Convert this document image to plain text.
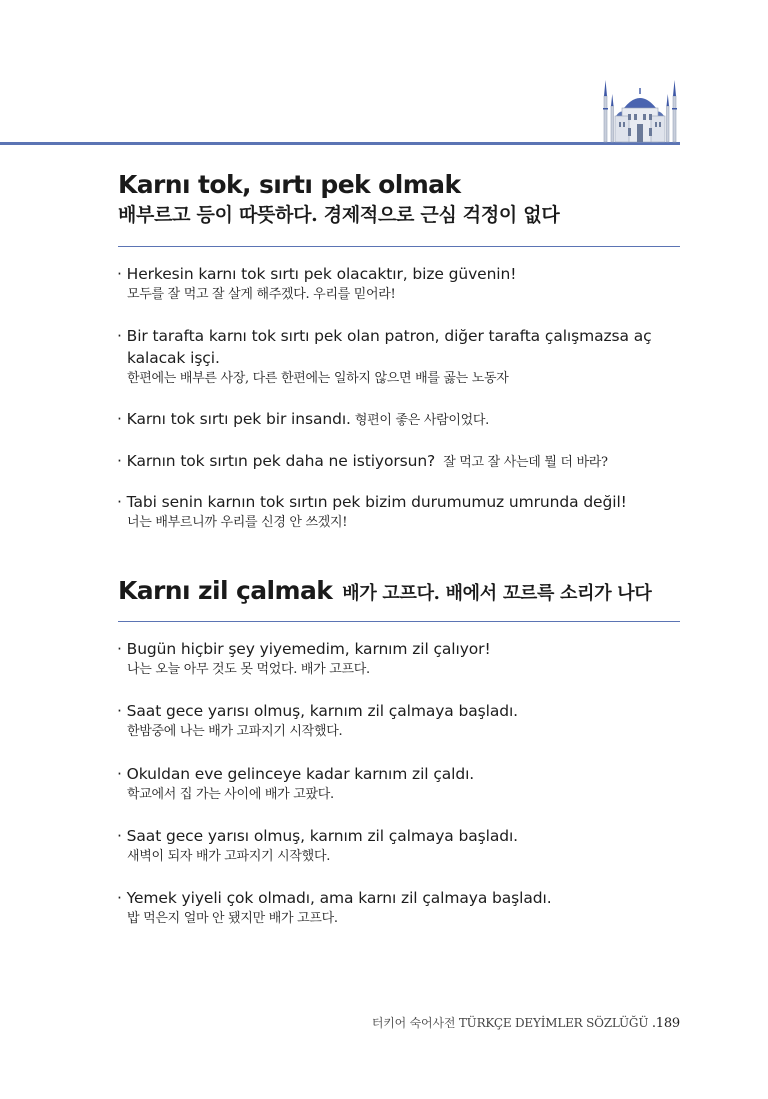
Karnı tok, sırtı pek olmak
배부르고 등이 따뜻하다. 경제적으로 근심 걱정이 없다
· Herkesin karnı tok sırtı pek olacaktır, bize güvenin!
모두를 잘 먹고 잘 살게 해주겠다. 우리를 믿어라!
· Bir tarafta karnı tok sırtı pek olan patron, diğer tarafta çalışmazsa aç kalacak işçi.
한편에는 배부른 사장, 다른 한편에는 일하지 않으면 배를 곯는 노동자
· Karnı tok sırtı pek bir insandı. 형편이 좋은 사람이었다.
· Karnın tok sırtın pek daha ne istiyorsun? 잘 먹고 잘 사는데 뭘 더 바라?
· Tabi senin karnın tok sırtın pek bizim durumumuz umrunda değil!
너는 배부르니까 우리를 신경 안 쓰겠지!
Karnı zil çalmak 배가 고프다. 배에서 꼬르륵 소리가 나다
· Bugün hiçbir şey yiyemedim, karnım zil çalıyor!
나는 오늘 아무 것도 못 먹었다. 배가 고프다.
· Saat gece yarısı olmuş, karnım zil çalmaya başladı.
한밤중에 나는 배가 고파지기 시작했다.
· Okuldan eve gelinceye kadar karnım zil çaldı.
학교에서 집 가는 사이에 배가 고팠다.
· Saat gece yarısı olmuş, karnım zil çalmaya başladı.
새벽이 되자 배가 고파지기 시작했다.
· Yemek yiyeli çok olmadı, ama karnı zil çalmaya başladı.
밥 먹은지 얼마 안 됐지만 배가 고프다.
터키어 숙어사전 TÜRKÇE DEYİMLER SÖZLÜĞÜ .189
